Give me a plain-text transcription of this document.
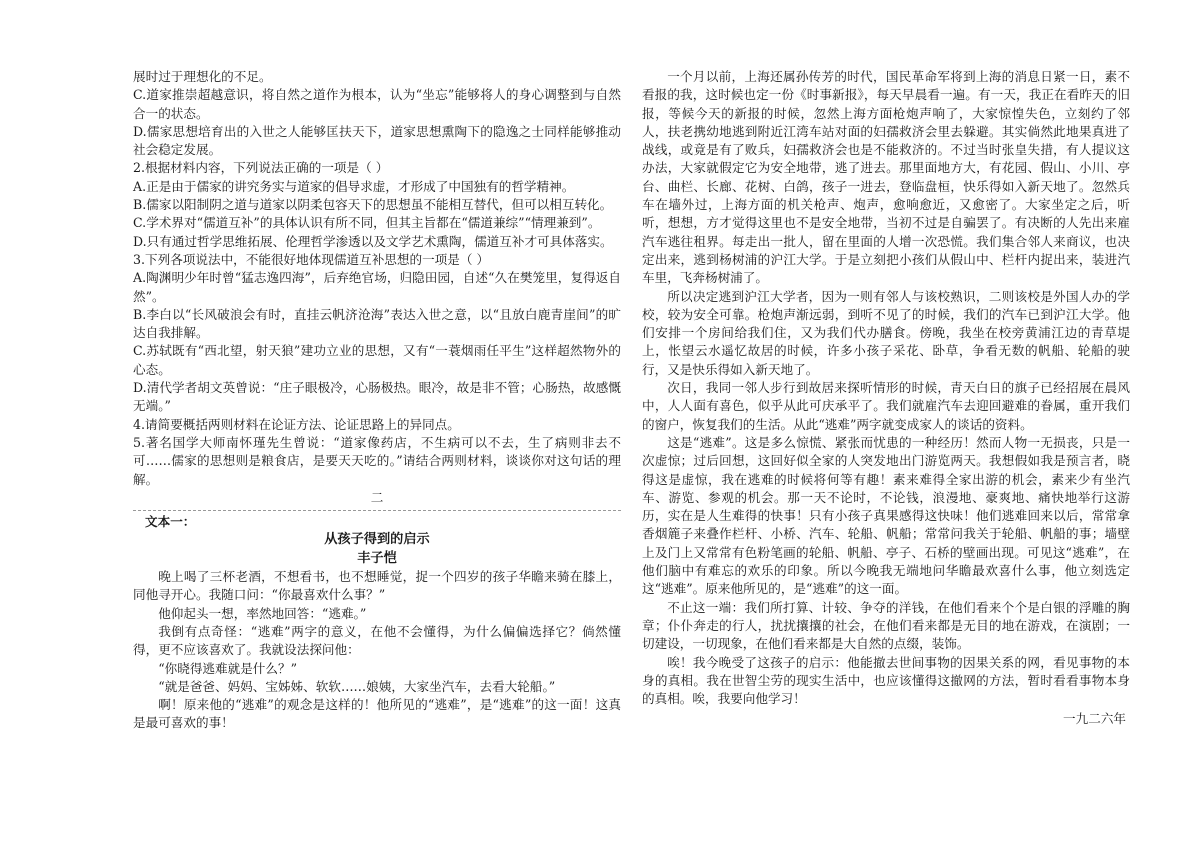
展时过于理想化的不足。

C.道家推崇超越意识，将自然之道作为根本，认为“坐忘”能够将人的身心调整到与自然合一的状态。

D.儒家思想培育出的入世之人能够匡扶天下，道家思想熏陶下的隐逸之士同样能够推动社会稳定发展。

2.根据材料内容，下列说法正确的一项是（ ）

A.正是由于儒家的讲究务实与道家的倡导求虚，才形成了中国独有的哲学精神。

B.儒家以阳制阴之道与道家以阴柔包容天下的思想虽不能相互替代，但可以相互转化。

C.学术界对“儒道互补”的具体认识有所不同，但其主旨都在“儒道兼综”“情理兼到”。

D.只有通过哲学思维拓展、伦理哲学渗透以及文学艺术熏陶，儒道互补才可具体落实。

3.下列各项说法中，不能很好地体现儒道互补思想的一项是（ ）

A.陶渊明少年时曾“猛志逸四海”，后弃绝官场，归隐田园，自述“久在樊笼里，复得返自然”。

B.李白以“长风破浪会有时，直挂云帆济沧海”表达入世之意，以“且放白鹿青崖间”的旷达自我排解。

C.苏轼既有“西北望，射天狼”建功立业的思想，又有“一蓑烟雨任平生”这样超然物外的心态。

D.清代学者胡文英曾说：“庄子眼极冷，心肠极热。眼冷，故是非不管；心肠热，故感慨无端。”

4.请简要概括两则材料在论证方法、论证思路上的异同点。

5.著名国学大师南怀瑾先生曾说：“道家像药店，不生病可以不去，生了病则非去不可……儒家的思想则是粮食店，是要天天吃的。”请结合两则材料，谈谈你对这句话的理解。

二

文本一：

从孩子得到的启示

丰子恺

晚上喝了三杯老酒，不想看书，也不想睡觉，捉一个四岁的孩子华瞻来骑在膝上，同他寻开心。我随口问：“你最喜欢什么事？”

他仰起头一想，率然地回答：“逃难。”

我倒有点奇怪：“逃难”两字的意义，在他不会懂得，为什么偏偏选择它？倘然懂得，更不应该喜欢了。我就设法探问他：

“你晓得逃难就是什么？”

“就是爸爸、妈妈、宝姊姊、软软……娘姨，大家坐汽车，去看大轮船。”

啊！原来他的“逃难”的观念是这样的！他所见的“逃难”，是“逃难”的这一面！这真是最可喜欢的事！

一个月以前，上海还属孙传芳的时代，国民革命军将到上海的消息日紧一日，素不看报的我，这时候也定一份《时事新报》，每天早晨看一遍。有一天，我正在看昨天的旧报，等候今天的新报的时候，忽然上海方面枪炮声响了，大家惊惶失色，立刻约了邻人，扶老携幼地逃到附近江湾车站对面的妇孺救济会里去躲避。其实倘然此地果真进了战线，或竟是有了败兵，妇孺救济会也是不能救济的。不过当时张皇失措，有人提议这办法，大家就假定它为安全地带，逃了进去。那里面地方大，有花园、假山、小川、亭台、曲栏、长廊、花树、白鸽，孩子一进去，登临盘桓，快乐得如入新天地了。忽然兵车在墙外过，上海方面的机关枪声、炮声，愈响愈近，又愈密了。大家坐定之后，听听，想想，方才觉得这里也不是安全地带，当初不过是自骗罢了。有决断的人先出来雇汽车逃往租界。每走出一批人，留在里面的人增一次恐慌。我们集合邻人来商议，也决定出来，逃到杨树浦的沪江大学。于是立刻把小孩们从假山中、栏杆内捉出来，装进汽车里，飞奔杨树浦了。

所以决定逃到沪江大学者，因为一则有邻人与该校熟识，二则该校是外国人办的学校，较为安全可靠。枪炮声渐远弱，到听不见了的时候，我们的汽车已到沪江大学。他们安排一个房间给我们住，又为我们代办膳食。傍晚，我坐在校旁黄浦江边的青草堤上，怅望云水遥忆故居的时候，许多小孩子采花、卧草，争看无数的帆船、轮船的驶行，又是快乐得如入新天地了。

次日，我同一邻人步行到故居来探听情形的时候，青天白日的旗子已经招展在晨风中，人人面有喜色，似乎从此可庆承平了。我们就雇汽车去迎回避难的眷属，重开我们的窗户，恢复我们的生活。从此“逃难”两字就变成家人的谈话的资料。

这是“逃难”。这是多么惊慌、紧张而忧患的一种经历！然而人物一无损丧，只是一次虚惊；过后回想，这回好似全家的人突发地出门游览两天。我想假如我是预言者，晓得这是虚惊，我在逃难的时候将何等有趣！素来难得全家出游的机会，素来少有坐汽车、游览、参观的机会。那一天不论时，不论钱，浪漫地、豪爽地、痛快地举行这游历，实在是人生难得的快事！只有小孩子真果感得这快味！他们逃难回来以后，常常拿香烟簏子来叠作栏杆、小桥、汽车、轮船、帆船；常常问我关于轮船、帆船的事；墙壁上及门上又常常有色粉笔画的轮船、帆船、亭子、石桥的壁画出现。可见这“逃难”，在他们脑中有难忘的欢乐的印象。所以今晚我无端地问华瞻最欢喜什么事，他立刻选定这“逃难”。原来他所见的，是“逃难”的这一面。

不止这一端：我们所打算、计较、争夺的洋钱，在他们看来个个是白银的浮雕的胸章；仆仆奔走的行人，扰扰攘攘的社会，在他们看来都是无目的地在游戏，在演剧；一切建设，一切现象，在他们看来都是大自然的点缀，装饰。

唉！我今晚受了这孩子的启示：他能撤去世间事物的因果关系的网，看见事物的本身的真相。我在世智尘劳的现实生活中，也应该懂得这撤网的方法，暂时看看事物本身的真相。唉，我要向他学习！

一九二六年
